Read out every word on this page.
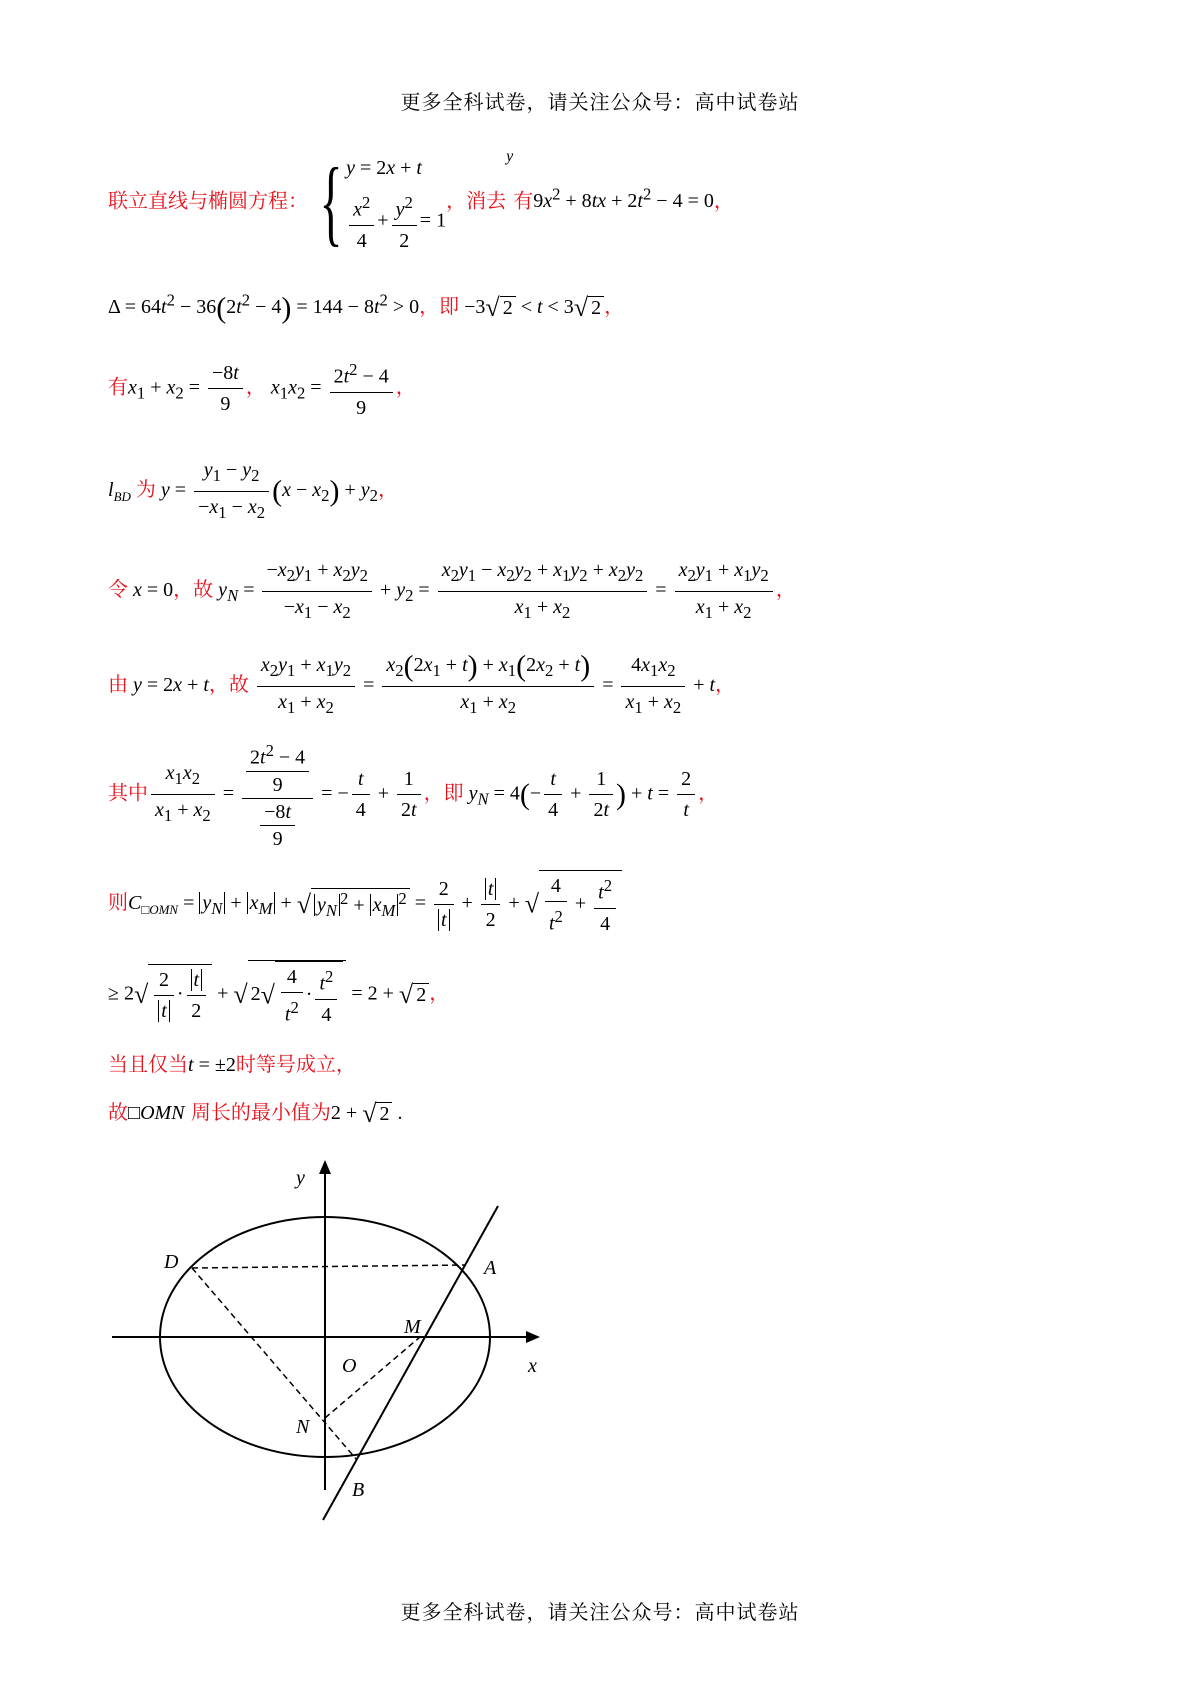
更多全科试卷，请关注公众号：高中试卷站
联立直线与椭圆方程： { y = 2x + t
$\frac{x^2}{4} + \frac{y^2}{2} = 1$
，消去$^y$有$9x^2 + 8tx + 2t^2 - 4 = 0$，
$\Delta = 64t^2 - 36(2t^2 - 4) = 144 - 8t^2 > 0$，即 −3√ 2 < t < 3√ 2 ，
有$x_1 + x_2 = \frac{-8t}{9}$ ， $x_1x_2 = \frac{2t^2 - 4}{9}$ ，
$l_{BD}$ 为 $y = \frac{y_1 - y_2}{-x_1 - x_2} (x - x_2) + y_2$，
令 x = 0，故 $y_N = \frac{-x_2y_1 + x_2y_2}{-x_1 - x_2} + y_2 = \frac{x_2y_1 - x_2y_2 + x_1y_2 + x_2y_2}{x_1 + x_2} = \frac{x_2y_1 + x_1y_2}{x_1 + x_2}$ ，
由 y = 2x + t，故 $\frac{x_2y_1 + x_1y_2}{x_1 + x_2} = \frac{x_2(2x_1 + t) + x_1(2x_2 + t)}{x_1 + x_2} = \frac{4x_1x_2}{x_1 + x_2} + t$，
其中 $\frac{x_1x_2}{x_1 + x_2} = \frac{\frac{2t^2 - 4}{9}}{\frac{-8t}{9}}$ = − $\frac{t}{4} + \frac{1}{2t}$ ，即 $y_N = 4(- \frac{t}{4} + \frac{1}{2t}$ ) + $t = \frac{2}{t}$ ，
则$C_{□OMN} = y_N + x_M$ + √ $y_N^2 + x_M^2 = \frac{2}{t} + \frac{t}{2}$ + √ $\frac{4}{t^2} + \frac{t^2}{4}$
≥ $2√ \frac{2}{t} \cdot \frac{t}{2}$ + √ $2√ \frac{4}{t^2} \cdot \frac{t^2}{4} = 2$ + √ 2 ，
当且仅当t = ±2时等号成立，
故□OMN 周长的最小值为2 + √ 2 .
y
x
O
D	A
M
N
B
更多全科试卷，请关注公众号：高中试卷站
